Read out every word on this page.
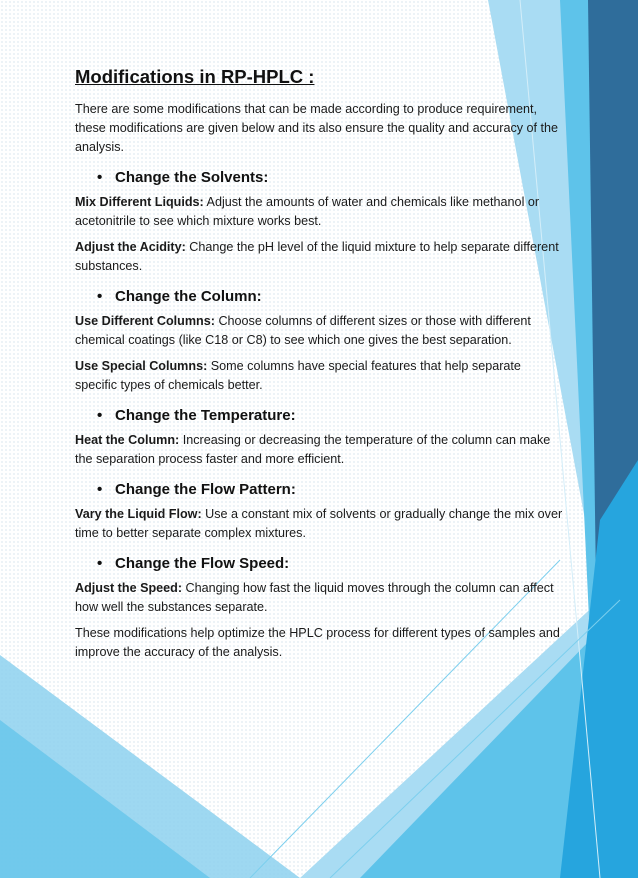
Modifications in RP-HPLC :

There are some modifications that can be made according to produce requirement, these modifications are given below and its also ensure the quality and accuracy of the analysis.

• Change the Solvents:

Mix Different Liquids: Adjust the amounts of water and chemicals like methanol or acetonitrile to see which mixture works best.

Adjust the Acidity: Change the pH level of the liquid mixture to help separate different substances.

• Change the Column:

Use Different Columns: Choose columns of different sizes or those with different chemical coatings (like C18 or C8) to see which one gives the best separation.

Use Special Columns: Some columns have special features that help separate specific types of chemicals better.

• Change the Temperature:

Heat the Column: Increasing or decreasing the temperature of the column can make the separation process faster and more efficient.

• Change the Flow Pattern:

Vary the Liquid Flow: Use a constant mix of solvents or gradually change the mix over time to better separate complex mixtures.

• Change the Flow Speed:

Adjust the Speed: Changing how fast the liquid moves through the column can affect how well the substances separate.

These modifications help optimize the HPLC process for different types of samples and improve the accuracy of the analysis.
